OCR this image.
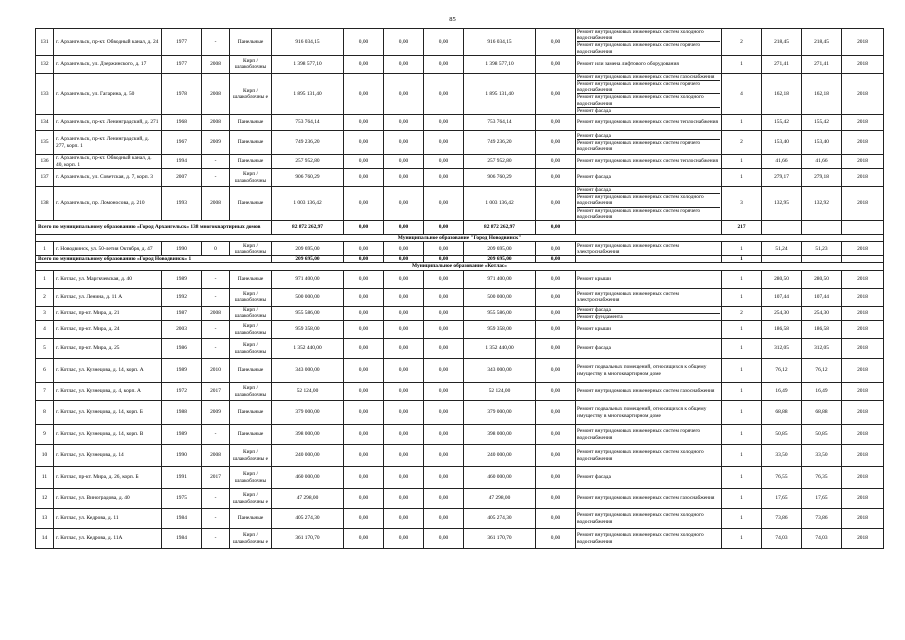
85
131	г. Архангельск, пр-кт. Обводный канал, д. 24	1977	-	Панельные	916 034,15	0,00	0,00	0,00	916 034,15	0,00	Ремонт внутридомовых инженерных систем холодного водоснабжения
Ремонт внутридомовых инженерных систем горячего водоснабжения	2	218,45	218,45	2018
132	г. Архангельск, ул. Дзержинского, д. 17	1977	2008	Кирп / шлакоблочны	1 398 577,10	0,00	0,00	0,00	1 398 577,10	0,00	Ремонт или замена лифтового оборудования	1	271,41	271,41	2018
133	г. Архангельск, ул. Гагарина, д. 50	1978	2008	Кирп / шлакоблочны е	1 895 131,40	0,00	0,00	0,00	1 895 131,40	0,00	Ремонт внутридомовых инженерных систем газоснабжения
Ремонт внутридомовых инженерных систем горячего водоснабжения
Ремонт внутридомовых инженерных систем холодного водоснабжения
Ремонт фасада	4	162,18	162,18	2018
134	г. Архангельск, пр-кт. Ленинградский, д. 271	1968	2008	Панельные	753 764,14	0,00	0,00	0,00	753 764,14	0,00	Ремонт внутридомовых инженерных систем теплоснабжения	1	155,42	155,42	2018
135	г. Архангельск, пр-кт. Ленинградский, д. 277, корп. 1	1967	2009	Панельные	749 236,20	0,00	0,00	0,00	749 236,20	0,00	Ремонт фасада
Ремонт внутридомовых инженерных систем горячего водоснабжения	2	153,40	153,40	2018
136	г. Архангельск, пр-кт. Обводный канал, д. 40, корп. 1	1994	-	Панельные	257 952,80	0,00	0,00	0,00	257 952,80	0,00	Ремонт внутридомовых инженерных систем теплоснабжения	1	41,66	41,66	2018
137	г. Архангельск, ул. Советская, д. 7, корп. 3	2007	-	Кирп / шлакоблочны	906 760,29	0,00	0,00	0,00	906 760,29	0,00	Ремонт фасада	1	279,17	279,18	2018
138	г. Архангельск, пр. Ломоносова, д. 210	1993	2008	Панельные	1 003 136,42	0,00	0,00	0,00	1 003 136,42	0,00	Ремонт фасада
Ремонт внутридомовых инженерных систем холодного водоснабжения
Ремонт внутридомовых инженерных систем горячего водоснабжения	3	132,95	132,92	2018
Всего по муниципальному образованию «Город Архангельск» 138 многоквартирных домов					82 872 262,97	0,00	0,00	0,00	82 872 262,97	0,00		217			
Муниципальное образование "Город Новодвинск"															
1	г. Новодвинск, ул. 50-летия Октября, д. 47	1990	0	Кирп / шлакоблочны	209 695,00	0,00	0,00	0,00	209 695,00	0,00	Ремонт внутридомовых инженерных систем электроснабжения	1	51,24	51,23	2018
Всего по муниципальному образованию «Город Новодвинск» 1					209 695,00	0,00	0,00	0,00	209 695,00	0,00		1			
Муниципальное образование «Котлас»															
1	г. Котлас, ул. Маргкчевская, д. 40	1989	-	Панельные	971 400,00	0,00	0,00	0,00	971 400,00	0,00	Ремонт крыши	1	280,50	280,50	2018
2	г. Котлас, ул. Ленина, д. 11 А	1992	-	Кирп / шлакоблочны	500 000,00	0,00	0,00	0,00	500 000,00	0,00	Ремонт внутридомовых инженерных систем электроснабжения	1	107,44	107,44	2018
3	г. Котлас, пр-кт. Мира, д. 21	1987	2008	Кирп / шлакоблочны	955 586,00	0,00	0,00	0,00	955 586,00	0,00	Ремонт фасада
Ремонт фундамента	2	254,30	254,30	2018
4	г. Котлас, пр-кт. Мира, д. 24	2003	-	Кирп / шлакоблочны	959 358,00	0,00	0,00	0,00	959 358,00	0,00	Ремонт крыши	1	186,58	186,58	2018
5	г. Котлас, пр-кт. Мира, д. 25	1986	-	Кирп / шлакоблочны	1 352 440,00	0,00	0,00	0,00	1 352 440,00	0,00	Ремонт фасада	1	312,05	312,05	2018
6	г. Котлас, ул. Кузнецова, д. 14, корп. А	1989	2010	Панельные	343 000,00	0,00	0,00	0,00	343 000,00	0,00	Ремонт подвальных помещений, относящихся к общему имуществу в многоквартирном доме	1	76,12	76,12	2018
7	г. Котлас, ул. Кузнецова, д. 4, корп. А	1972	2017	Кирп / шлакоблочны	52 124,00	0,00	0,00	0,00	52 124,00	0,00	Ремонт внутридомовых инженерных систем газоснабжения	1	16,49	16,49	2018
8	г. Котлас, ул. Кузнецова, д. 14, корп. Б	1988	2009	Панельные	379 000,00	0,00	0,00	0,00	379 000,00	0,00	Ремонт подвальных помещений, относящихся к общему имуществу в многоквартирном доме	1	68,88	68,88	2018
9	г. Котлас, ул. Кузнецова, д. 14, корп. В	1989	-	Панельные	398 000,00	0,00	0,00	0,00	398 000,00	0,00	Ремонт внутридомовых инженерных систем горячего водоснабжения	1	50,85	50,85	2018
10	г. Котлас, ул. Кузнецова, д. 14	1990	2008	Кирп / шлакоблочны е	240 000,00	0,00	0,00	0,00	240 000,00	0,00	Ремонт внутридомовых инженерных систем холодного водоснабжения	1	33,50	33,50	2018
11	г. Котлас, пр-кт. Мира, д. 26, корп. Б	1991	2017	Кирп / шлакоблочны	460 000,00	0,00	0,00	0,00	460 000,00	0,00	Ремонт фасада	1	76,55	76,35	2018
12	г. Котлас, ул. Виноградова, д. 40	1975	-	Кирп / шлакоблочны е	47 298,00	0,00	0,00	0,00	47 298,00	0,00	Ремонт внутридомовых инженерных систем газоснабжения	1	17,65	17,65	2018
13	г. Котлас, ул. Кедрова, д. 11	1984	-	Панельные	405 274,30	0,00	0,00	0,00	405 274,30	0,00	Ремонт внутридомовых инженерных систем холодного водоснабжения	1	73,86	73,86	2018
14	г. Котлас, ул. Кедрова, д. 11А	1984	-	Кирп / шлакоблочны е	361 170,70	0,00	0,00	0,00	361 170,70	0,00	Ремонт внутридомовых инженерных систем холодного водоснабжения	1	74,03	74,03	2018
